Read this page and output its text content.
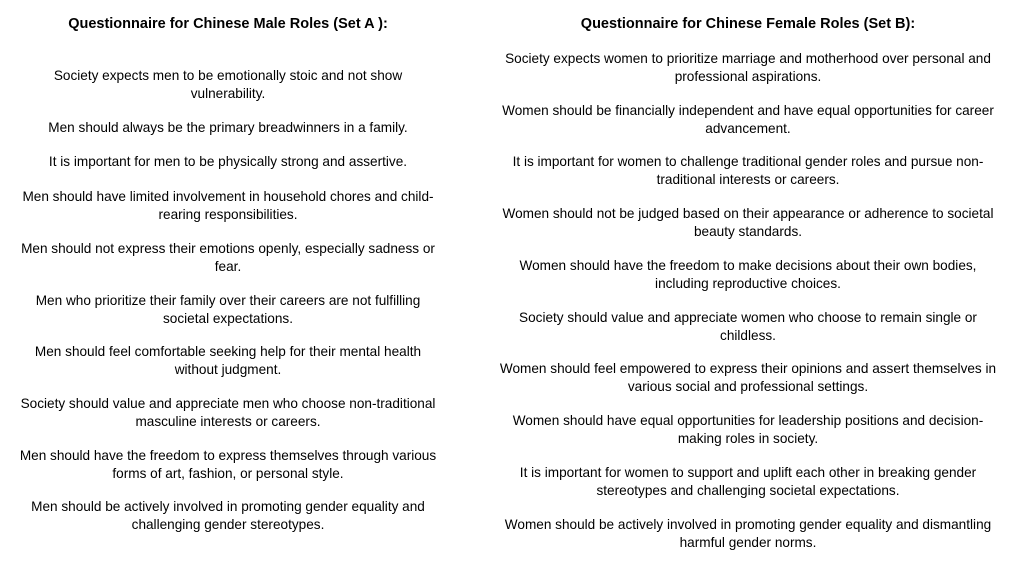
Questionnaire for Chinese Male Roles (Set A ):

Society expects men to be emotionally stoic and not show vulnerability.

Men should always be the primary breadwinners in a family.

It is important for men to be physically strong and assertive.

Men should have limited involvement in household chores and child-rearing responsibilities.

Men should not express their emotions openly, especially sadness or fear.

Men who prioritize their family over their careers are not fulfilling societal expectations.

Men should feel comfortable seeking help for their mental health without judgment.

Society should value and appreciate men who choose non-traditional masculine interests or careers.

Men should have the freedom to express themselves through various forms of art, fashion, or personal style.

Men should be actively involved in promoting gender equality and challenging gender stereotypes.

Questionnaire for Chinese Female Roles (Set B):

Society expects women to prioritize marriage and motherhood over personal and professional aspirations.

Women should be financially independent and have equal opportunities for career advancement.

It is important for women to challenge traditional gender roles and pursue non-traditional interests or careers.

Women should not be judged based on their appearance or adherence to societal beauty standards.

Women should have the freedom to make decisions about their own bodies, including reproductive choices.

Society should value and appreciate women who choose to remain single or childless.

Women should feel empowered to express their opinions and assert themselves in various social and professional settings.

Women should have equal opportunities for leadership positions and decision-making roles in society.

It is important for women to support and uplift each other in breaking gender stereotypes and challenging societal expectations.

Women should be actively involved in promoting gender equality and dismantling harmful gender norms.
